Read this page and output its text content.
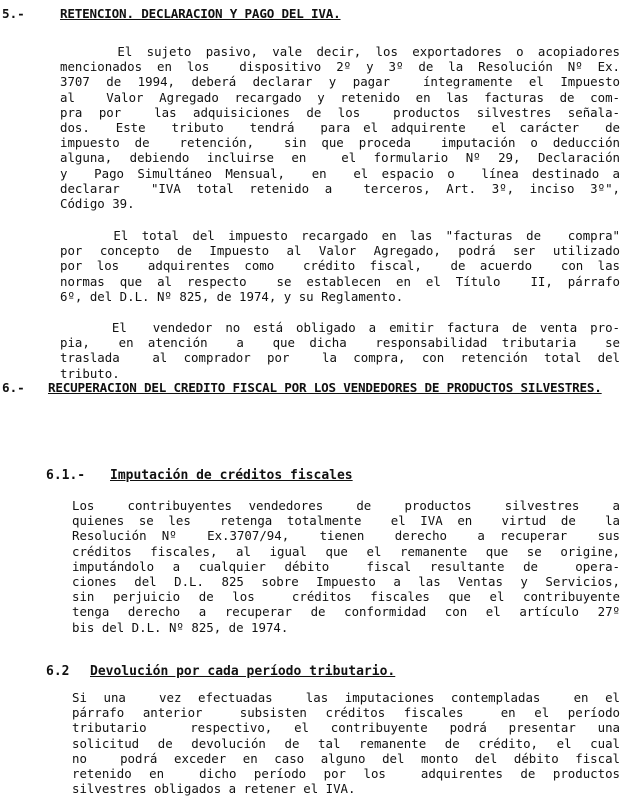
5.-	RETENCION. DECLARACION Y PAGO DEL IVA.
El sujeto pasivo, vale decir, los exportadores o acopiadores
mencionados en los  dispositivo 2º y 3º de la Resolución Nº Ex.
3707 de 1994, deberá declarar y pagar  íntegramente el Impuesto
al  Valor Agregado recargado y retenido en las facturas de com-
pra por  las adquisiciones de los  productos silvestres señala-
dos.  Este  tributo  tendrá  para el adquirente  el carácter  de
impuesto de  retención,  sin que proceda  imputación o deducción
alguna, debiendo incluirse en  el formulario Nº 29, Declaración
y  Pago Simultáneo Mensual,  en  el espacio o  línea destinado a
declarar  "IVA total retenido a  terceros, Art. 3º, inciso 3º",
Código 39.
El total del impuesto recargado en las "facturas de  compra"
por concepto de Impuesto al Valor Agregado, podrá ser utilizado
por los  adquirentes como  crédito fiscal,  de acuerdo  con las
normas que al respecto  se establecen en el Título  II, párrafo
6º, del D.L. Nº 825, de 1974, y su Reglamento.
El  vendedor no está obligado a emitir factura de venta pro-
pia,  en atención  a  que dicha  responsabilidad tributaria  se
traslada  al comprador por  la compra, con retención total del
tributo.
6.- RECUPERACION DEL CREDITO FISCAL POR LOS VENDEDORES DE PRODUCTOS SILVESTRES.
6.1.- Imputación de créditos fiscales
Los  contribuyentes vendedores  de  productos  silvestres  a
quienes se les  retenga totalmente  el IVA en  virtud de  la
Resolución Nº  Ex.3707/94,  tienen  derecho  a recuperar  sus
créditos fiscales, al igual que el remanente que se origine,
imputándolo a cualquier débito  fiscal resultante de  opera-
ciones del D.L. 825 sobre Impuesto a las Ventas y Servicios,
sin perjuicio de los  créditos fiscales que el contribuyente
tenga derecho a recuperar de conformidad con el artículo 27º
bis del D.L. Nº 825, de 1974.
6.2 Devolución por cada período tributario.
Si una  vez efectuadas  las imputaciones contempladas  en el
párrafo anterior  subsisten créditos fiscales  en el período
tributario  respectivo, el contribuyente podrá presentar una
solicitud de devolución de tal remanente de crédito, el cual
no  podrá exceder en caso alguno del monto del débito fiscal
retenido en  dicho período por los  adquirentes de productos
silvestres obligados a retener el IVA.
